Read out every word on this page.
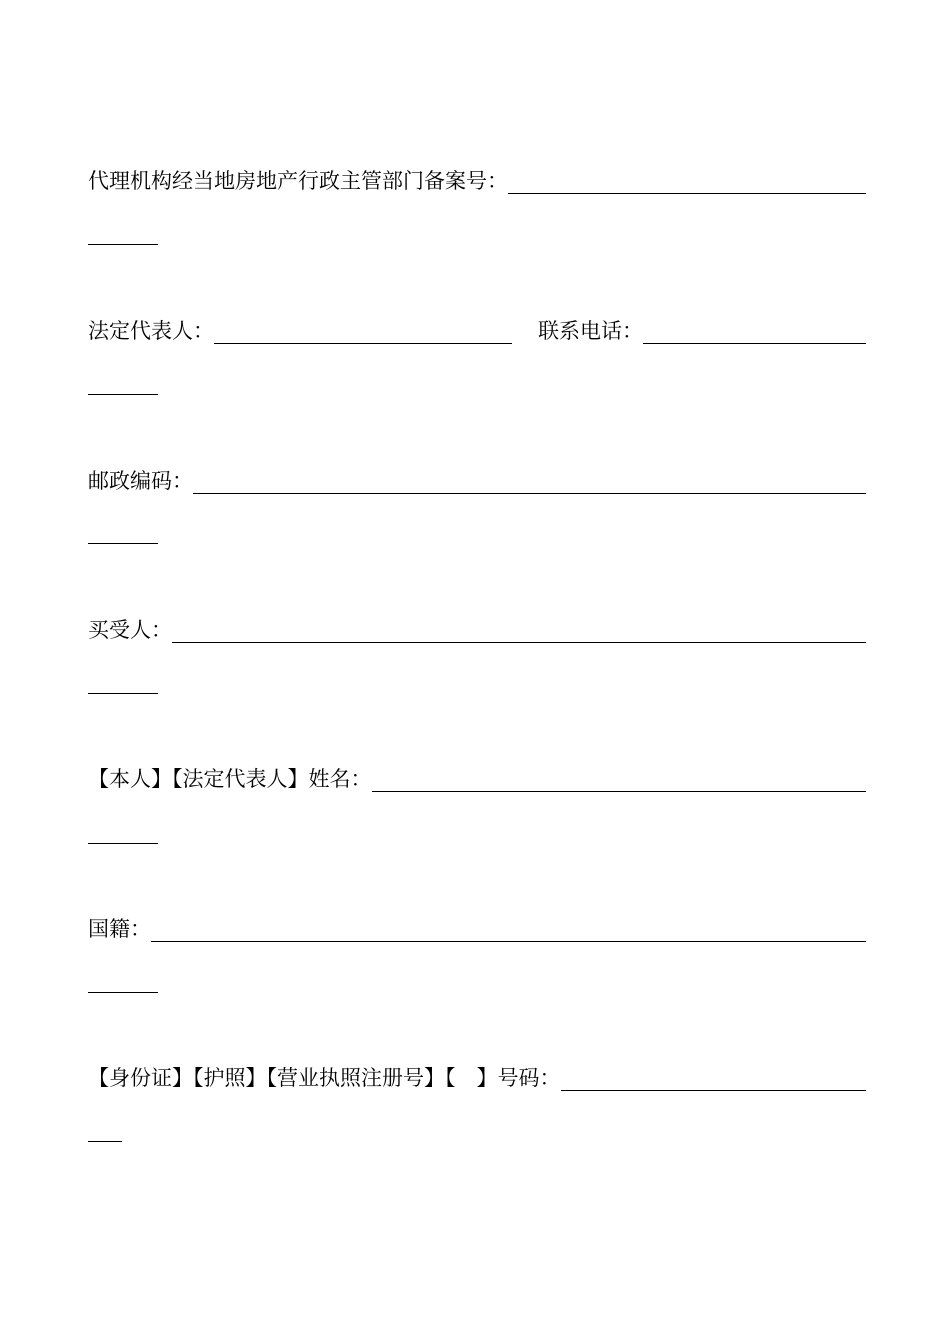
代理机构经当地房地产行政主管部门备案号：
法定代表人：	联系电话：
邮政编码：
买受人：
【本人】【法定代表人】姓名：
国籍：
【身份证】【护照】【营业执照注册号】【　】号码：
